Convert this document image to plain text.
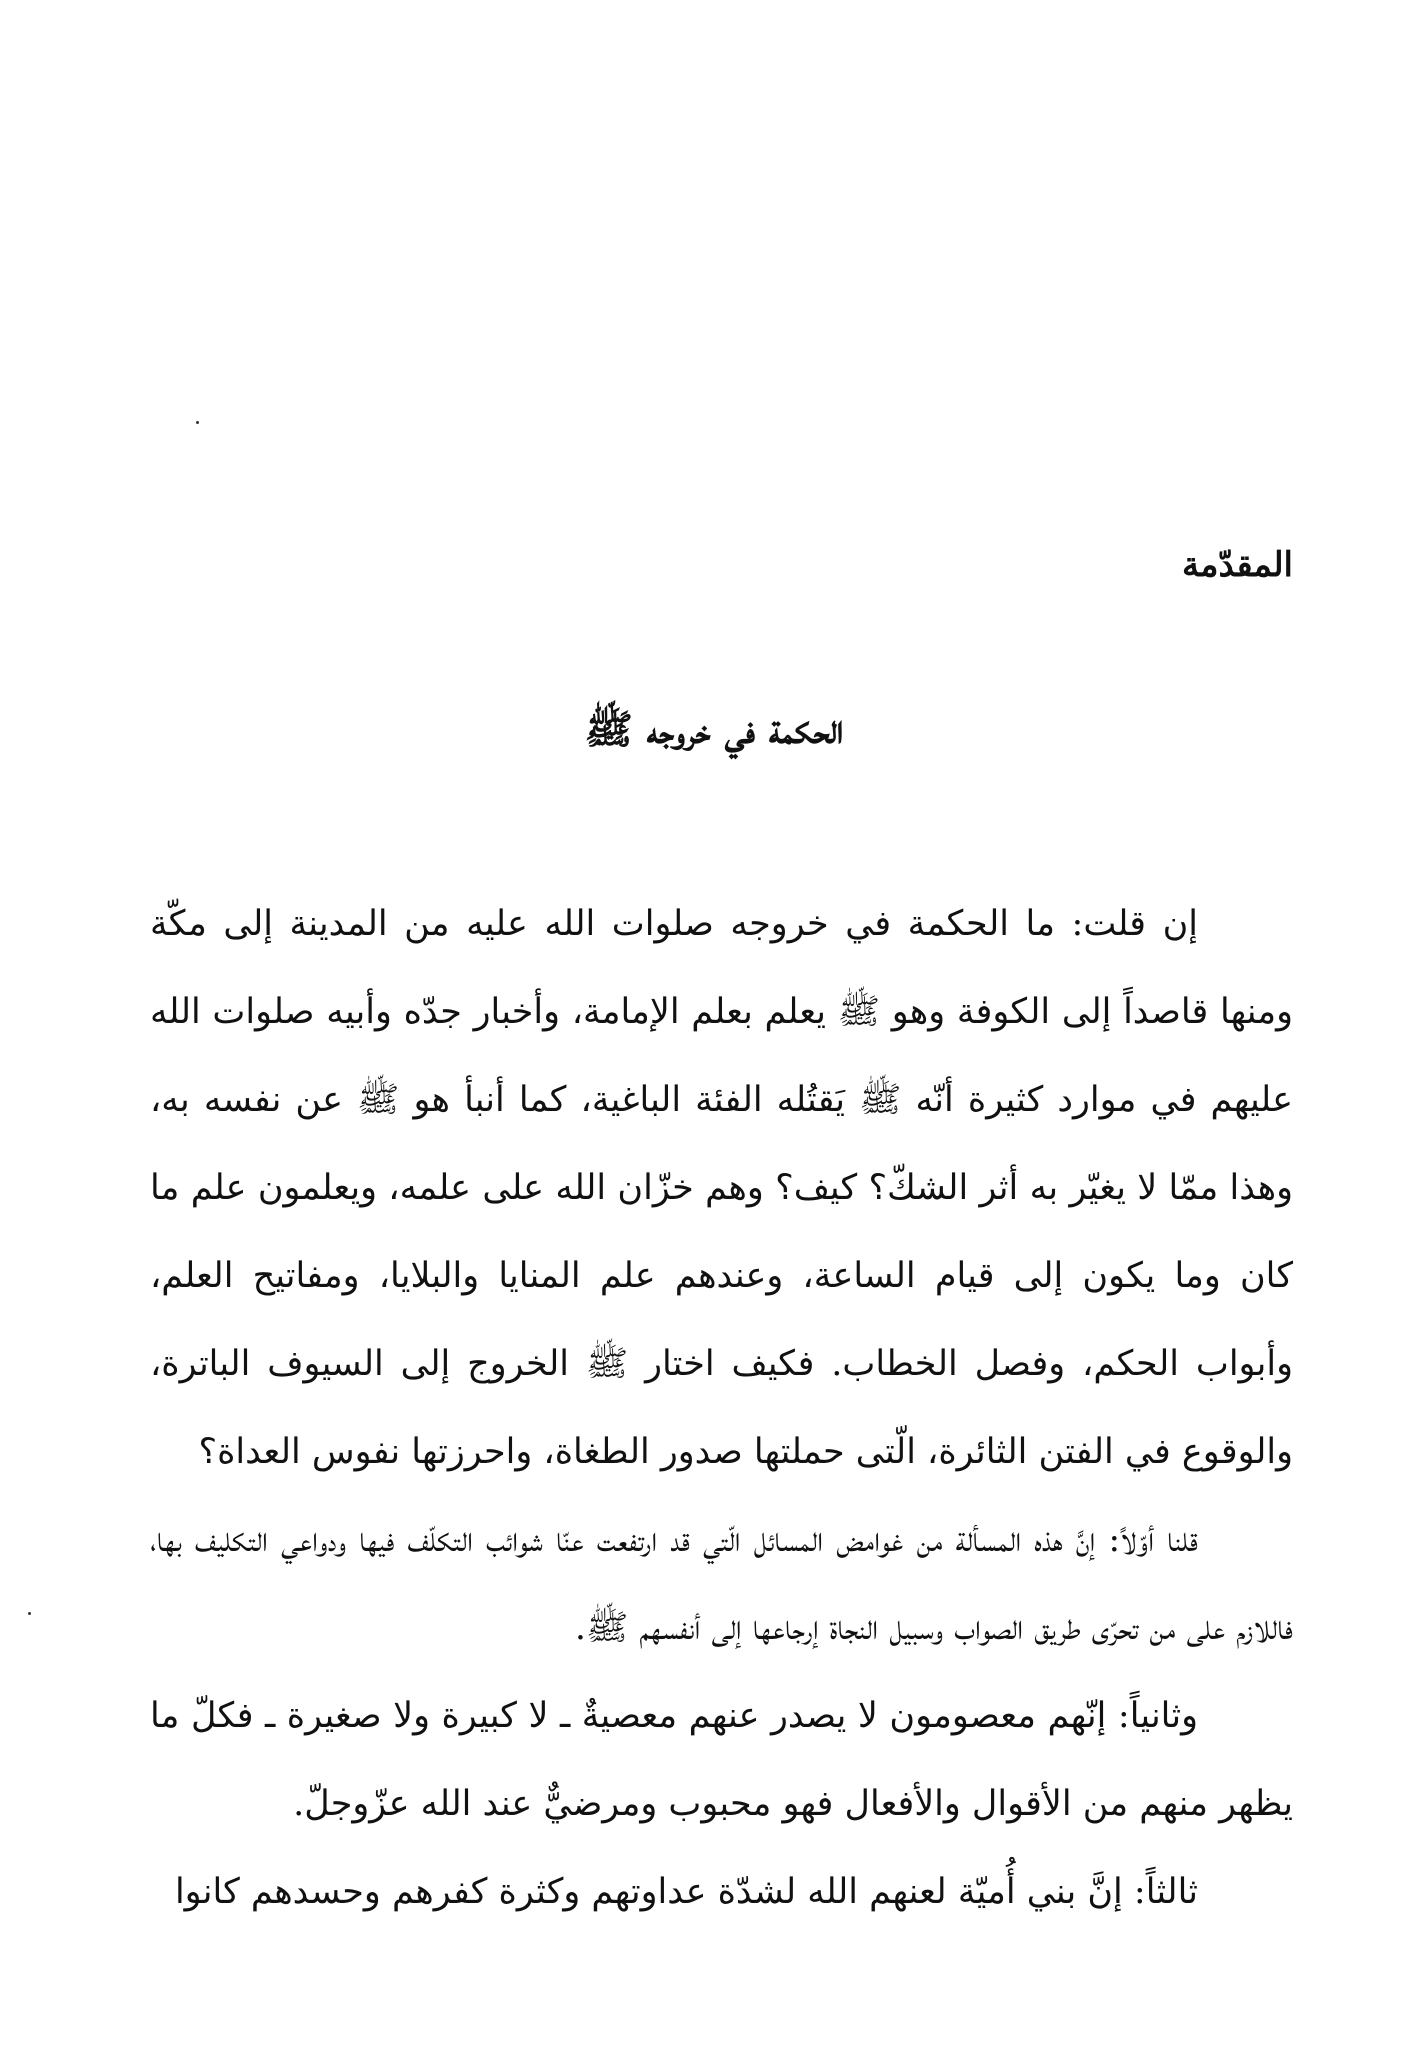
المقدّمة
الحكمة في خروجه ﷺ

إن قلت: ما الحكمة في خروجه صلوات الله عليه من المدينة إلى مكّة ومنها قاصداً إلى الكوفة وهو ﷺ يعلم بعلم الإمامة، وأخبار جدّه وأبيه صلوات الله عليهم في موارد كثيرة أنّه ﷺ يَقتُله الفئة الباغية، كما أنبأ هو ﷺ عن نفسه به، وهذا ممّا لا يغيّر به أثر الشكّ؟ كيف؟ وهم خزّان الله على علمه، ويعلمون علم ما كان وما يكون إلى قيام الساعة، وعندهم علم المنايا والبلايا، ومفاتيح العلم، وأبواب الحكم، وفصل الخطاب. فكيف اختار ﷺ الخروج إلى السيوف الباترة، والوقوع في الفتن الثائرة، الّتى حملتها صدور الطغاة، واحرزتها نفوس العداة؟

قلنا أوّلاً: إنَّ هذه المسألة من غوامض المسائل الّتي قد ارتفعت عنّا شوائب التكلّف فيها ودواعي التكليف بها، فاللازم على من تحرّى طريق الصواب وسبيل النجاة إرجاعها إلى أنفسهم ﷺ.

وثانياً: إنّهم معصومون لا يصدر عنهم معصيةٌ ـ لا كبيرة ولا صغيرة ـ فكلّ ما يظهر منهم من الأقوال والأفعال فهو محبوب ومرضيٌّ عند الله عزّوجلّ.

ثالثاً: إنَّ بني أُميّة لعنهم الله لشدّة عداوتهم وكثرة كفرهم وحسدهم كانوا
